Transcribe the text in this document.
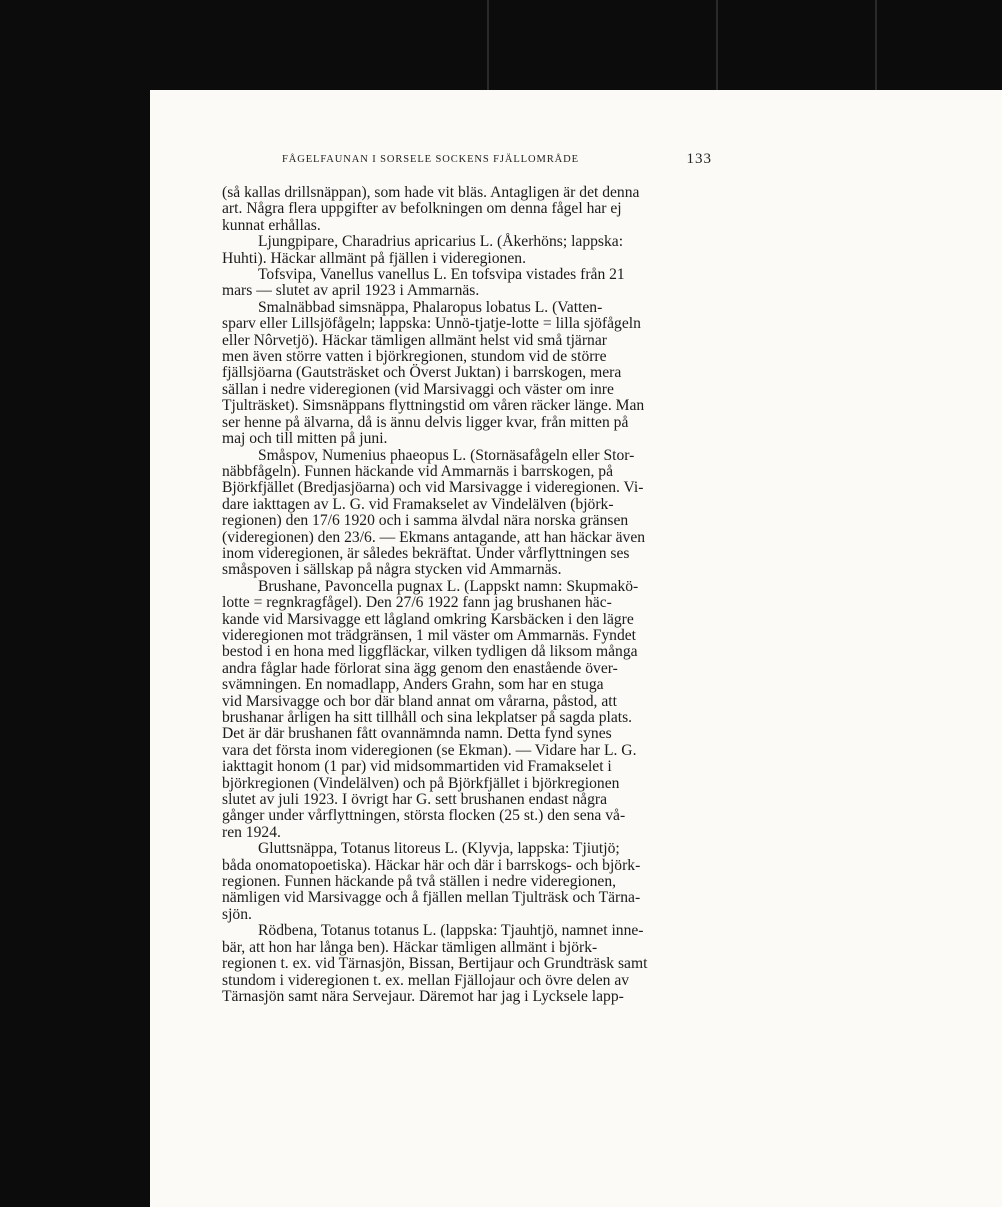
FÅGELFAUNAN I SORSELE SOCKENS FJÄLLOMRÅDE	133
(så kallas drillsnäppan), som hade vit bläs. Antagligen är det denna
art. Några flera uppgifter av befolkningen om denna fågel har ej
kunnat erhållas.
Ljungpipare, Charadrius apricarius L. (Åkerhöns; lappska:
Huhti). Häckar allmänt på fjällen i videregionen.
Tofsvipa, Vanellus vanellus L. En tofsvipa vistades från 21
mars — slutet av april 1923 i Ammarnäs.
Smalnäbbad simsnäppa, Phalaropus lobatus L. (Vatten-
sparv eller Lillsjöfågeln; lappska: Unnö-tjatje-lotte = lilla sjöfågeln
eller Nôrvetjö). Häckar tämligen allmänt helst vid små tjärnar
men även större vatten i björkregionen, stundom vid de större
fjällsjöarna (Gautsträsket och Överst Juktan) i barrskogen, mera
sällan i nedre videregionen (vid Marsivaggi och väster om inre
Tjulträsket). Simsnäppans flyttningstid om våren räcker länge. Man
ser henne på älvarna, då is ännu delvis ligger kvar, från mitten på
maj och till mitten på juni.
Småspov, Numenius phaeopus L. (Stornäsafågeln eller Stor-
näbbfågeln). Funnen häckande vid Ammarnäs i barrskogen, på
Björkfjället (Bredjasjöarna) och vid Marsivagge i videregionen. Vi-
dare iakttagen av L. G. vid Framakselet av Vindelälven (björk-
regionen) den 17/6 1920 och i samma älvdal nära norska gränsen
(videregionen) den 23/6. — Ekmans antagande, att han häckar även
inom videregionen, är således bekräftat. Under vårflyttningen ses
småspoven i sällskap på några stycken vid Ammarnäs.
Brushane, Pavoncella pugnax L. (Lappskt namn: Skupmakö-
lotte = regnkragfågel). Den 27/6 1922 fann jag brushanen häc-
kande vid Marsivagge ett lågland omkring Karsbäcken i den lägre
videregionen mot trädgränsen, 1 mil väster om Ammarnäs. Fyndet
bestod i en hona med liggfläckar, vilken tydligen då liksom många
andra fåglar hade förlorat sina ägg genom den enastående över-
svämningen. En nomadlapp, Anders Grahn, som har en stuga
vid Marsivagge och bor där bland annat om vårarna, påstod, att
brushanar årligen ha sitt tillhåll och sina lekplatser på sagda plats.
Det är där brushanen fått ovannämnda namn. Detta fynd synes
vara det första inom videregionen (se Ekman). — Vidare har L. G.
iakttagit honom (1 par) vid midsommartiden vid Framakselet i
björkregionen (Vindelälven) och på Björkfjället i björkregionen
slutet av juli 1923. I övrigt har G. sett brushanen endast några
gånger under vårflyttningen, största flocken (25 st.) den sena vå-
ren 1924.
Gluttsnäppa, Totanus litoreus L. (Klyvja, lappska: Tjiutjö;
båda onomatopoetiska). Häckar här och där i barrskogs- och björk-
regionen. Funnen häckande på två ställen i nedre videregionen,
nämligen vid Marsivagge och å fjällen mellan Tjulträsk och Tärna-
sjön.
Rödbena, Totanus totanus L. (lappska: Tjauhtjö, namnet inne-
bär, att hon har långa ben). Häckar tämligen allmänt i björk-
regionen t. ex. vid Tärnasjön, Bissan, Bertijaur och Grundträsk samt
stundom i videregionen t. ex. mellan Fjällojaur och övre delen av
Tärnasjön samt nära Servejaur. Däremot har jag i Lycksele lapp-
